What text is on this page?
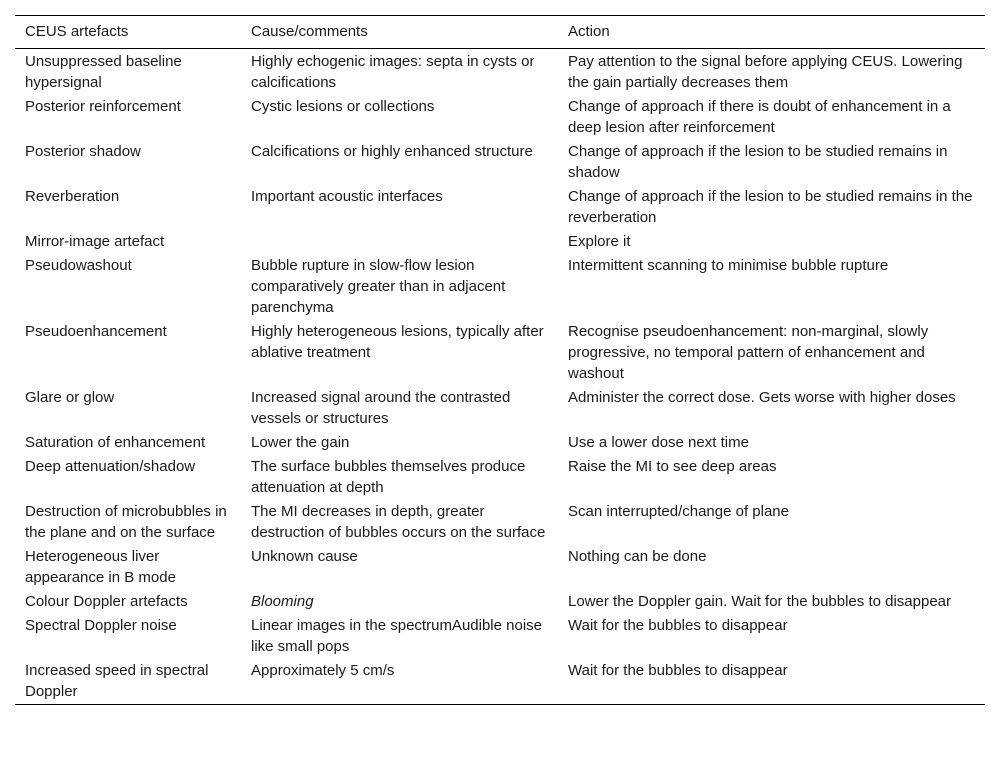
CEUS artefacts	Cause/comments	Action
Unsuppressed baseline hypersignal	Highly echogenic images: septa in cysts or calcifications	Pay attention to the signal before applying CEUS. Lowering the gain partially decreases them
Posterior reinforcement	Cystic lesions or collections	Change of approach if there is doubt of enhancement in a deep lesion after reinforcement
Posterior shadow	Calcifications or highly enhanced structure	Change of approach if the lesion to be studied remains in shadow
Reverberation	Important acoustic interfaces	Change of approach if the lesion to be studied remains in the reverberation
Mirror-image artefact		Explore it
Pseudowashout	Bubble rupture in slow-flow lesion comparatively greater than in adjacent parenchyma	Intermittent scanning to minimise bubble rupture
Pseudoenhancement	Highly heterogeneous lesions, typically after ablative treatment	Recognise pseudoenhancement: non-marginal, slowly progressive, no temporal pattern of enhancement and washout
Glare or glow	Increased signal around the contrasted vessels or structures	Administer the correct dose. Gets worse with higher doses
Saturation of enhancement	Lower the gain	Use a lower dose next time
Deep attenuation/shadow	The surface bubbles themselves produce attenuation at depth	Raise the MI to see deep areas
Destruction of microbubbles in the plane and on the surface	The MI decreases in depth, greater destruction of bubbles occurs on the surface	Scan interrupted/change of plane
Heterogeneous liver appearance in B mode	Unknown cause	Nothing can be done
Colour Doppler artefacts	Blooming	Lower the Doppler gain. Wait for the bubbles to disappear
Spectral Doppler noise	Linear images in the spectrumAudible noise like small pops	Wait for the bubbles to disappear
Increased speed in spectral Doppler	Approximately 5 cm/s	Wait for the bubbles to disappear
